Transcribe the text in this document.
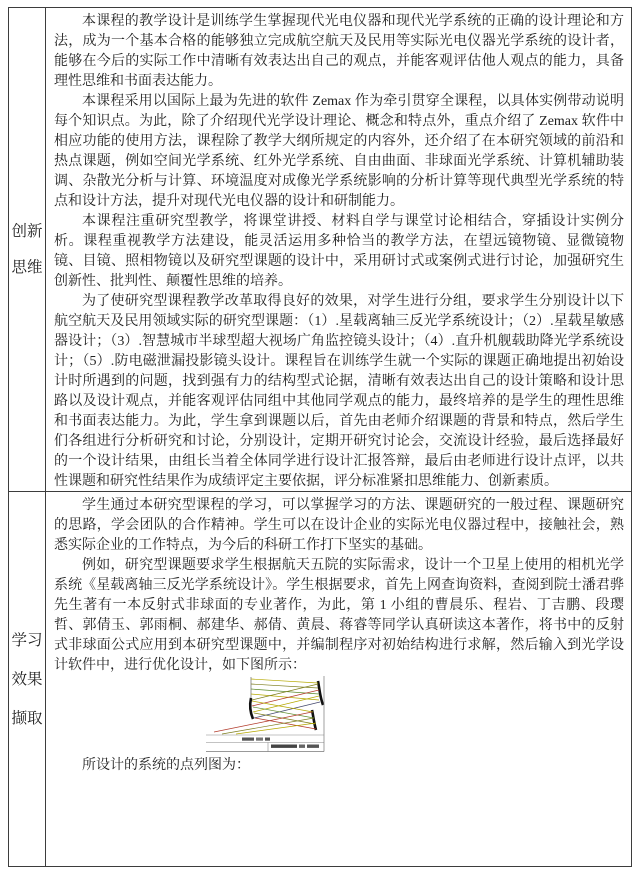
创新
思维

本课程的教学设计是训练学生掌握现代光电仪器和现代光学系统的正确的设计理论和方法，成为一个基本合格的能够独立完成航空航天及民用等实际光电仪器光学系统的设计者，能够在今后的实际工作中清晰有效表达出自己的观点，并能客观评估他人观点的能力，具备理性思维和书面表达能力。

本课程采用以国际上最为先进的软件 Zemax 作为牵引贯穿全课程，以具体实例带动说明每个知识点。为此，除了介绍现代光学设计理论、概念和特点外，重点介绍了 Zemax 软件中相应功能的使用方法，课程除了教学大纲所规定的内容外，还介绍了在本研究领域的前沿和热点课题，例如空间光学系统、红外光学系统、自由曲面、非球面光学系统、计算机辅助装调、杂散光分析与计算、环境温度对成像光学系统影响的分析计算等现代典型光学系统的特点和设计方法，提升对现代光电仪器的设计和研制能力。

本课程注重研究型教学，将课堂讲授、材料自学与课堂讨论相结合，穿插设计实例分析。课程重视教学方法建设，能灵活运用多种恰当的教学方法，在望远镜物镜、显微镜物镜、目镜、照相物镜以及研究型课题的设计中，采用研讨式或案例式进行讨论，加强研究生创新性、批判性、颠覆性思维的培养。

为了使研究型课程教学改革取得良好的效果，对学生进行分组，要求学生分别设计以下航空航天及民用领域实际的研究型课题：（1）.星载离轴三反光学系统设计；（2）.星载星敏感器设计；（3）.智慧城市半球型超大视场广角监控镜头设计；（4）.直升机舰载助降光学系统设计；（5）.防电磁泄漏投影镜头设计。课程旨在训练学生就一个实际的课题正确地提出初始设计时所遇到的问题，找到强有力的结构型式论据，清晰有效表达出自己的设计策略和设计思路以及设计观点，并能客观评估同组中其他同学观点的能力，最终培养的是学生的理性思维和书面表达能力。为此，学生拿到课题以后，首先由老师介绍课题的背景和特点，然后学生们各组进行分析研究和讨论，分别设计，定期开研究讨论会，交流设计经验，最后选择最好的一个设计结果，由组长当着全体同学进行设计汇报答辩，最后由老师进行设计点评，以共性课题和研究性结果作为成绩评定主要依据，评分标准紧扣思维能力、创新素质。

学习
效果
撷取

学生通过本研究型课程的学习，可以掌握学习的方法、课题研究的一般过程、课题研究的思路，学会团队的合作精神。学生可以在设计企业的实际光电仪器过程中，接触社会，熟悉实际企业的工作特点，为今后的科研工作打下坚实的基础。

例如，研究型课题要求学生根据航天五院的实际需求，设计一个卫星上使用的相机光学系统《星载离轴三反光学系统设计》。学生根据要求，首先上网查询资料，查阅到院士潘君骅先生著有一本反射式非球面的专业著作，为此，第 1 小组的曹晨乐、程岩、丁吉鹏、段璎哲、郭倩玉、郭雨桐、郝建华、郝倩、黄晨、蒋睿等同学认真研读这本著作，将书中的反射式非球面公式应用到本研究型课题中，并编制程序对初始结构进行求解，然后输入到光学设计软件中，进行优化设计，如下图所示：

所设计的系统的点列图为：
